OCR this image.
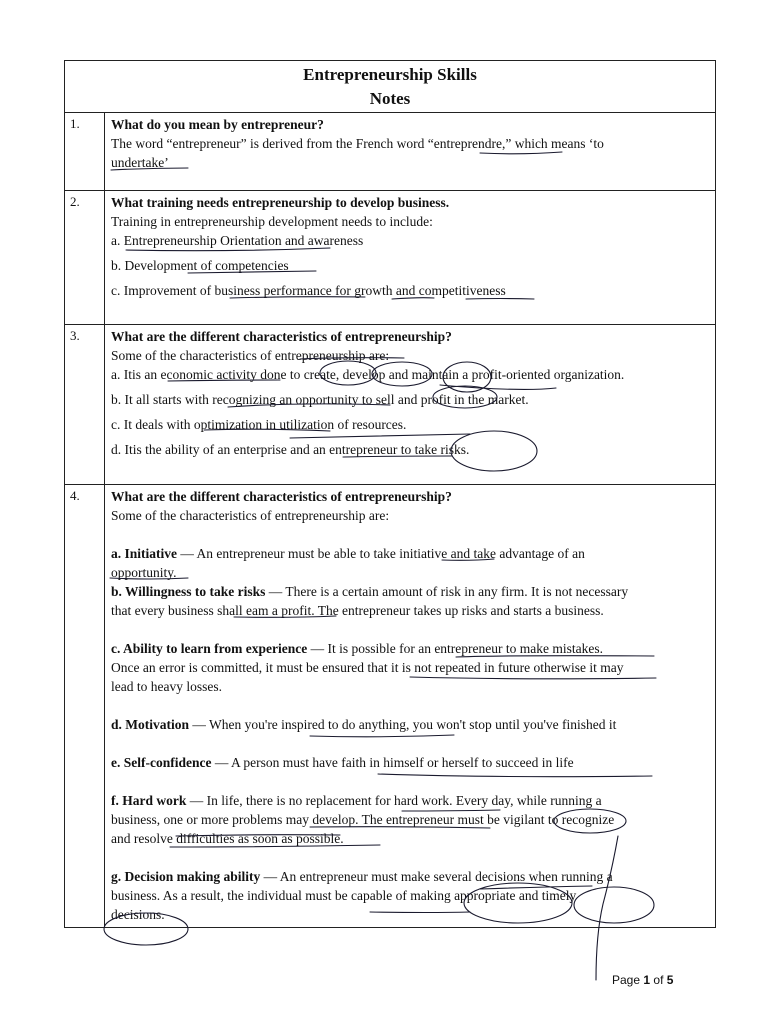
Entrepreneurship Skills
Notes
1.	What do you mean by entrepreneur?
The word “entrepreneur” is derived from the French word “entreprendre,” which means ‘to
undertake’
2.	What training needs entrepreneurship to develop business.
Training in entrepreneurship development needs to include:
a. Entrepreneurship Orientation and awareness
b. Development of competencies
c. Improvement of business performance for growth and competitiveness
3.	What are the different characteristics of entrepreneurship?
Some of the characteristics of entrepreneurship are:
a. Itis an economic activity done to create, develop and maintain a profit-oriented organization.
b. It all starts with recognizing an opportunity to sell and profit in the market.
c. It deals with optimization in utilization of resources.
d. Itis the ability of an enterprise and an entrepreneur to take risks.
4.	What are the different characteristics of entrepreneurship?
Some of the characteristics of entrepreneurship are:
a. Initiative — An entrepreneur must be able to take initiative and take advantage of an
opportunity.
b. Willingness to take risks — There is a certain amount of risk in any firm. It is not necessary
that every business shall eam a profit. The entrepreneur takes up risks and starts a business.
c. Ability to learn from experience — It is possible for an entrepreneur to make mistakes.
Once an error is committed, it must be ensured that it is not repeated in future otherwise it may
lead to heavy losses.
d. Motivation — When you're inspired to do anything, you won't stop until you've finished it
e. Self-confidence — A person must have faith in himself or herself to succeed in life
f. Hard work — In life, there is no replacement for hard work. Every day, while running a
business, one or more problems may develop. The entrepreneur must be vigilant to recognize
and resolve difficulties as soon as possible.
g. Decision making ability — An entrepreneur must make several decisions when running a
business. As a result, the individual must be capable of making appropriate and timely
decisions.
Page 1 of 5
